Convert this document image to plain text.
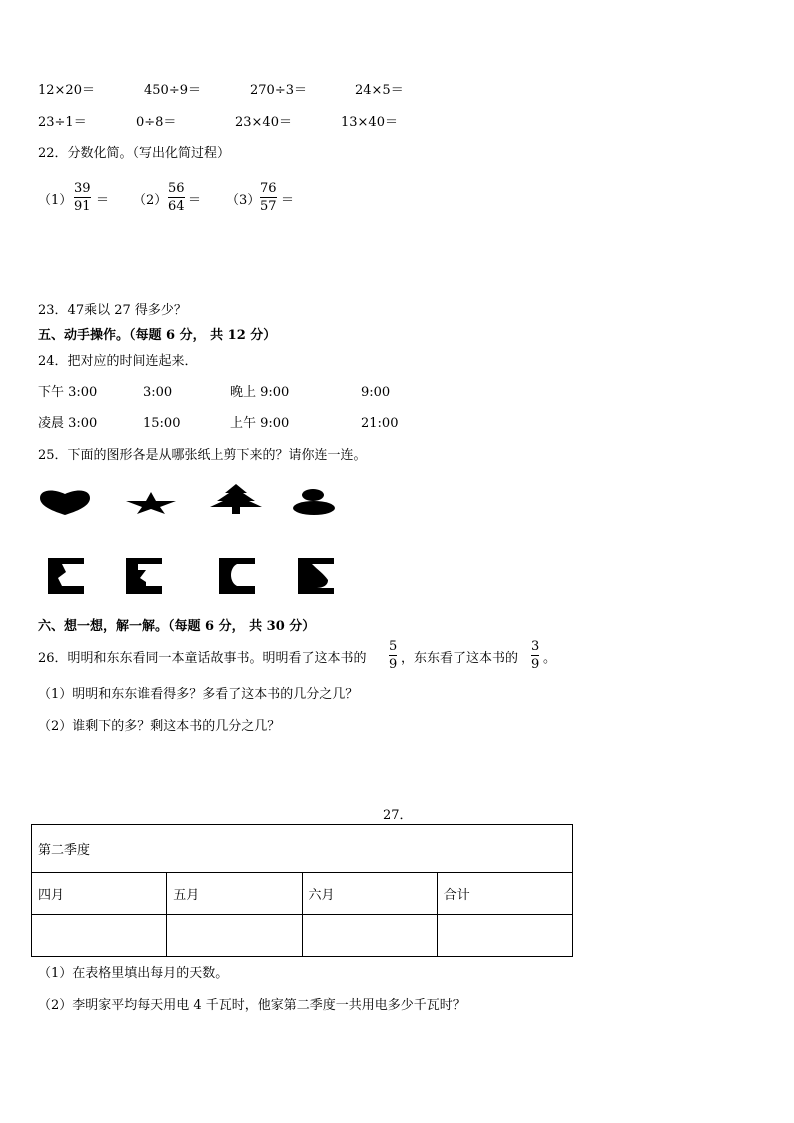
12×20＝	450÷9＝	270÷3＝	24×5＝
23÷1＝	0÷8＝	23×40＝	13×40＝
22．分数化简。（写出化简过程）
（1）
39
91 ＝ （2）
56
64 ＝ （3）
76
57 ＝
23．47乘以 27 得多少？
五、动手操作。（每题 6 分， 共 12 分）
24．把对应的时间连起来．
下午 3:00	3:00	晚上 9:00	9:00
凌晨 3:00	15:00	上午 9:00	21:00
25．下面的图形各是从哪张纸上剪下来的？请你连一连。
六、想一想，解一解。（每题 6 分， 共 30 分）
26．明明和东东看同一本童话故事书。明明看了这本书的
5
9 ，东东看了这本书的
3
9 。
（1）明明和东东谁看得多？多看了这本书的几分之几？
（2）谁剩下的多？剩这本书的几分之几？
27．
第二季度			
四月	五月	六月	合计

（1）在表格里填出每月的天数。
（2）李明家平均每天用电 4 千瓦时，他家第二季度一共用电多少千瓦时？
